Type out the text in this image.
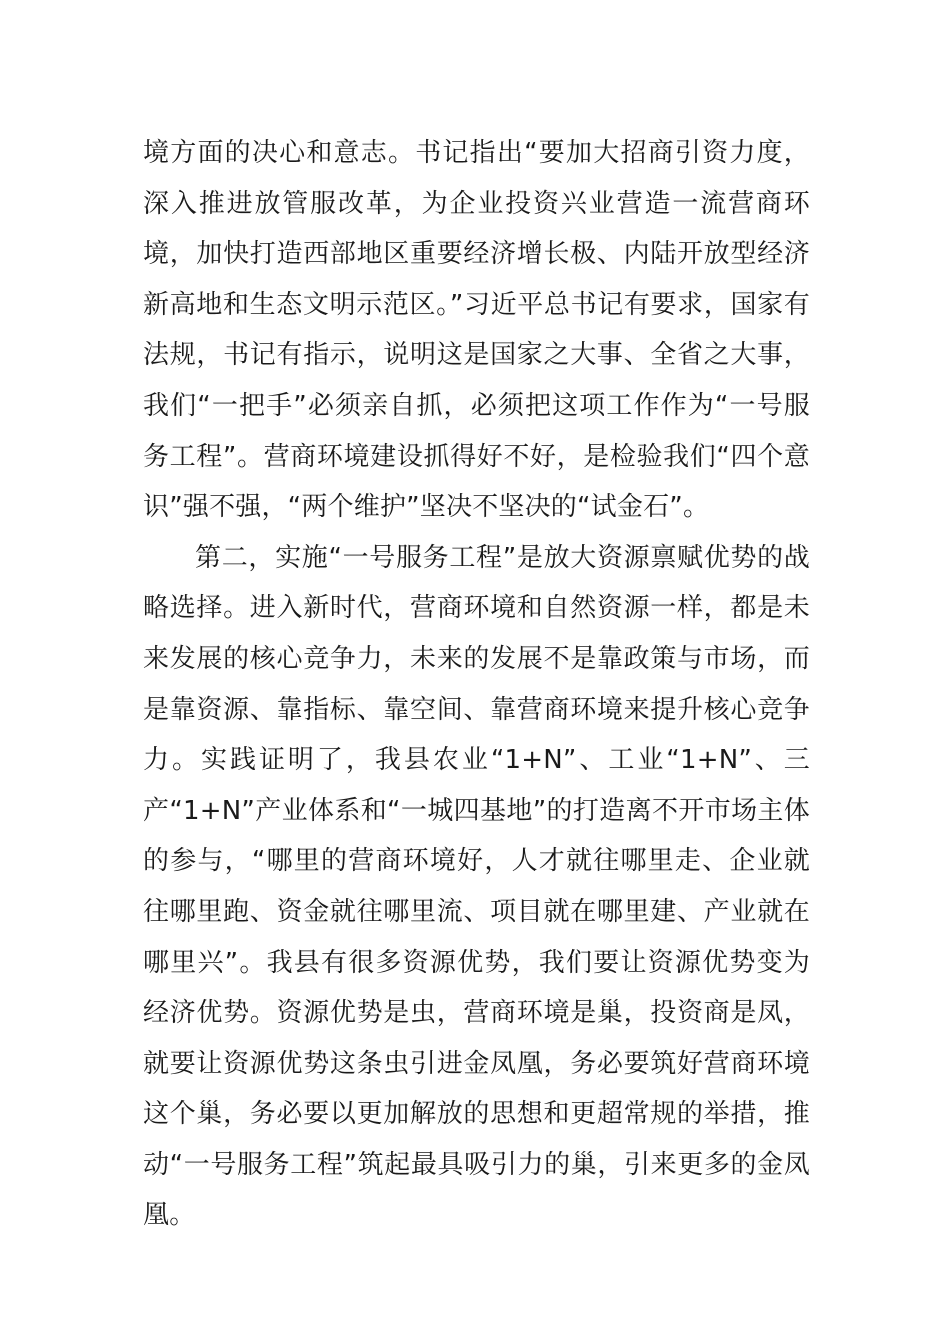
境方面的决心和意志。书记指出“要加大招商引资力度，深入推进放管服改革，为企业投资兴业营造一流营商环境，加快打造西部地区重要经济增长极、内陆开放型经济新高地和生态文明示范区。”习近平总书记有要求，国家有法规，书记有指示，说明这是国家之大事、全省之大事，我们“一把手”必须亲自抓，必须把这项工作作为“一号服务工程”。营商环境建设抓得好不好，是检验我们“四个意识”强不强，“两个维护”坚决不坚决的“试金石”。

第二，实施“一号服务工程”是放大资源禀赋优势的战略选择。进入新时代，营商环境和自然资源一样，都是未来发展的核心竞争力，未来的发展不是靠政策与市场，而是靠资源、靠指标、靠空间、靠营商环境来提升核心竞争力。实践证明了，我县农业“1+N”、工业“1+N”、三产“1+N”产业体系和“一城四基地”的打造离不开市场主体的参与，“哪里的营商环境好，人才就往哪里走、企业就往哪里跑、资金就往哪里流、项目就在哪里建、产业就在哪里兴”。我县有很多资源优势，我们要让资源优势变为经济优势。资源优势是虫，营商环境是巢，投资商是凤，就要让资源优势这条虫引进金凤凰，务必要筑好营商环境这个巢，务必要以更加解放的思想和更超常规的举措，推动“一号服务工程”筑起最具吸引力的巢，引来更多的金凤凰。
